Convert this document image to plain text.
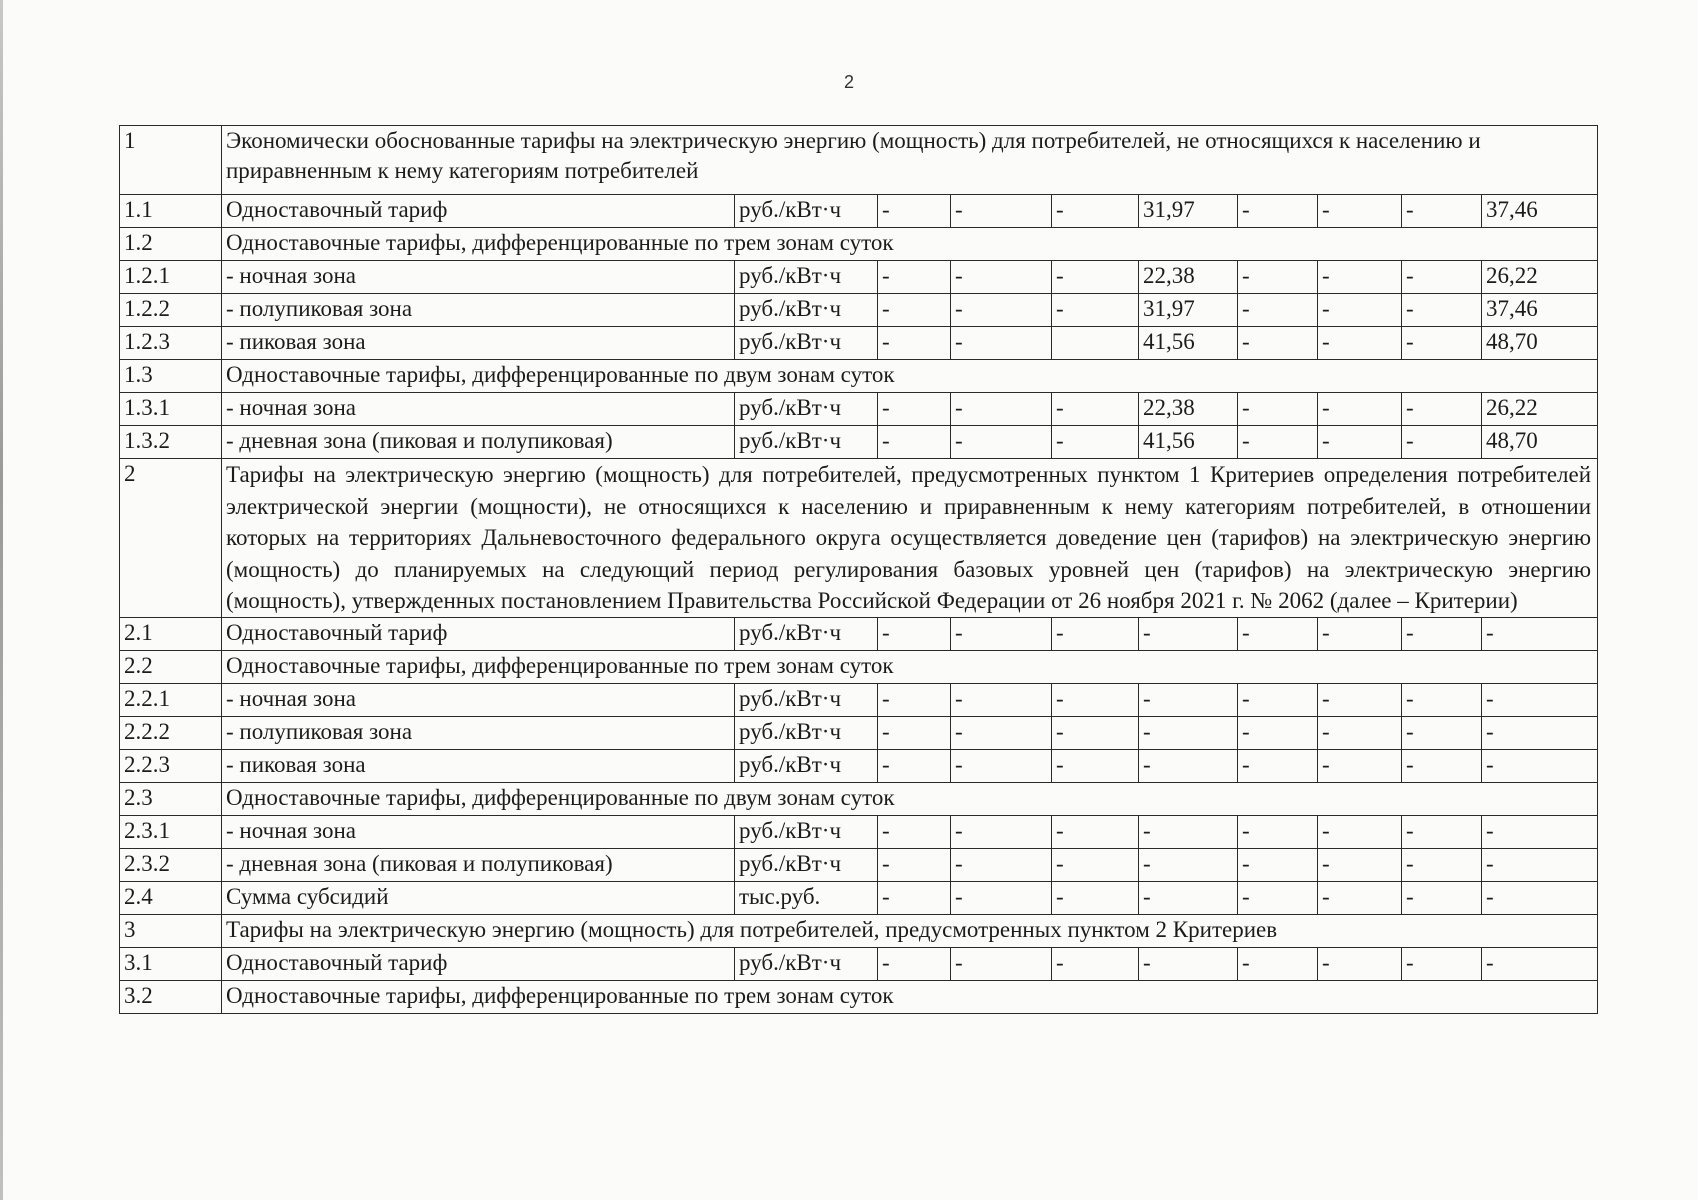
2
1	Экономически обоснованные тарифы на электрическую энергию (мощность) для потребителей, не относящихся к населению и приравненным к нему категориям потребителей									
1.1	Одноставочный тариф	руб./кВт·ч	-	-	-	31,97	-	-	-	37,46
1.2	Одноставочные тарифы, дифференцированные по трем зонам суток									
1.2.1	- ночная зона	руб./кВт·ч	-	-	-	22,38	-	-	-	26,22
1.2.2	- полупиковая зона	руб./кВт·ч	-	-	-	31,97	-	-	-	37,46
1.2.3	- пиковая зона	руб./кВт·ч	-	-		41,56	-	-	-	48,70
1.3	Одноставочные тарифы, дифференцированные по двум зонам суток									
1.3.1	- ночная зона	руб./кВт·ч	-	-	-	22,38	-	-	-	26,22
1.3.2	- дневная зона (пиковая и полупиковая)	руб./кВт·ч	-	-	-	41,56	-	-	-	48,70
2	Тарифы на электрическую энергию (мощность) для потребителей, предусмотренных пунктом 1 Критериев определения потребителей электрической энергии (мощности), не относящихся к населению и приравненным к нему категориям потребителей, в отношении которых на территориях Дальневосточного федерального округа осуществляется доведение цен (тарифов) на электрическую энергию (мощность) до планируемых на следующий период регулирования базовых уровней цен (тарифов) на электрическую энергию (мощность), утвержденных постановлением Правительства Российской Федерации от 26 ноября 2021 г. № 2062 (далее – Критерии)									
2.1	Одноставочный тариф	руб./кВт·ч	-	-	-	-	-	-	-	-
2.2	Одноставочные тарифы, дифференцированные по трем зонам суток									
2.2.1	- ночная зона	руб./кВт·ч	-	-	-	-	-	-	-	-
2.2.2	- полупиковая зона	руб./кВт·ч	-	-	-	-	-	-	-	-
2.2.3	- пиковая зона	руб./кВт·ч	-	-	-	-	-	-	-	-
2.3	Одноставочные тарифы, дифференцированные по двум зонам суток									
2.3.1	- ночная зона	руб./кВт·ч	-	-	-	-	-	-	-	-
2.3.2	- дневная зона (пиковая и полупиковая)	руб./кВт·ч	-	-	-	-	-	-	-	-
2.4	Сумма субсидий	тыс.руб.	-	-	-	-	-	-	-	-
3	Тарифы на электрическую энергию (мощность) для потребителей, предусмотренных пунктом 2 Критериев									
3.1	Одноставочный тариф	руб./кВт·ч	-	-	-	-	-	-	-	-
3.2	Одноставочные тарифы, дифференцированные по трем зонам суток									
